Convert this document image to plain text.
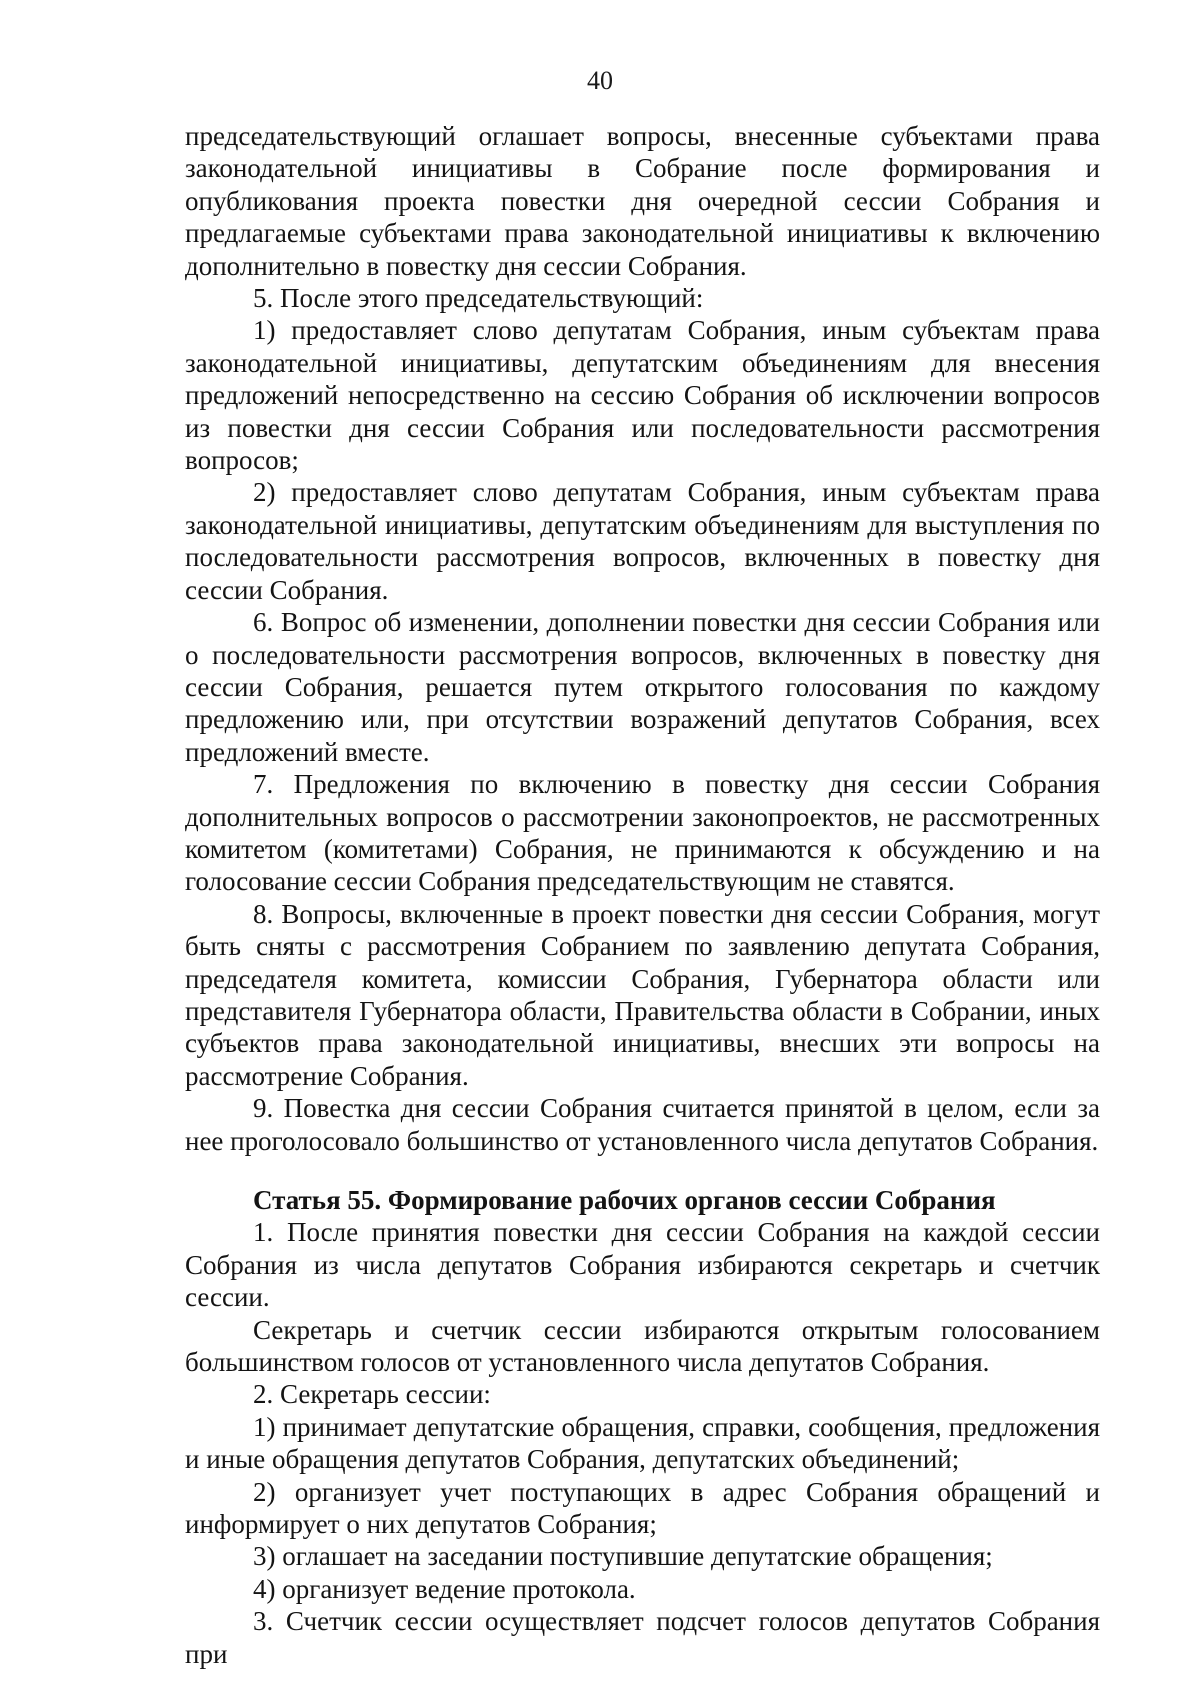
40

председательствующий оглашает вопросы, внесенные субъектами права законодательной инициативы в Собрание после формирования и опубликования проекта повестки дня очередной сессии Собрания и предлагаемые субъектами права законодательной инициативы к включению дополнительно в повестку дня сессии Собрания.

5. После этого председательствующий:

1) предоставляет слово депутатам Собрания, иным субъектам права законодательной инициативы, депутатским объединениям для внесения предложений непосредственно на сессию Собрания об исключении вопросов из повестки дня сессии Собрания или последовательности рассмотрения вопросов;

2) предоставляет слово депутатам Собрания, иным субъектам права законодательной инициативы, депутатским объединениям для выступления по последовательности рассмотрения вопросов, включенных в повестку дня сессии Собрания.

6. Вопрос об изменении, дополнении повестки дня сессии Собрания или о последовательности рассмотрения вопросов, включенных в повестку дня сессии Собрания, решается путем открытого голосования по каждому предложению или, при отсутствии возражений депутатов Собрания, всех предложений вместе.

7. Предложения по включению в повестку дня сессии Собрания дополнительных вопросов о рассмотрении законопроектов, не рассмотренных комитетом (комитетами) Собрания, не принимаются к обсуждению и на голосование сессии Собрания председательствующим не ставятся.

8. Вопросы, включенные в проект повестки дня сессии Собрания, могут быть сняты с рассмотрения Собранием по заявлению депутата Собрания, председателя комитета, комиссии Собрания, Губернатора области или представителя Губернатора области, Правительства области в Собрании, иных субъектов права законодательной инициативы, внесших эти вопросы на рассмотрение Собрания.

9. Повестка дня сессии Собрания считается принятой в целом, если за нее проголосовало большинство от установленного числа депутатов Собрания.

Статья 55. Формирование рабочих органов сессии Собрания

1. После принятия повестки дня сессии Собрания на каждой сессии Собрания из числа депутатов Собрания избираются секретарь и счетчик сессии.

Секретарь и счетчик сессии избираются открытым голосованием большинством голосов от установленного числа депутатов Собрания.

2. Секретарь сессии:

1) принимает депутатские обращения, справки, сообщения, предложения и иные обращения депутатов Собрания, депутатских объединений;

2) организует учет поступающих в адрес Собрания обращений и информирует о них депутатов Собрания;

3) оглашает на заседании поступившие депутатские обращения;

4) организует ведение протокола.

3. Счетчик сессии осуществляет подсчет голосов депутатов Собрания при
